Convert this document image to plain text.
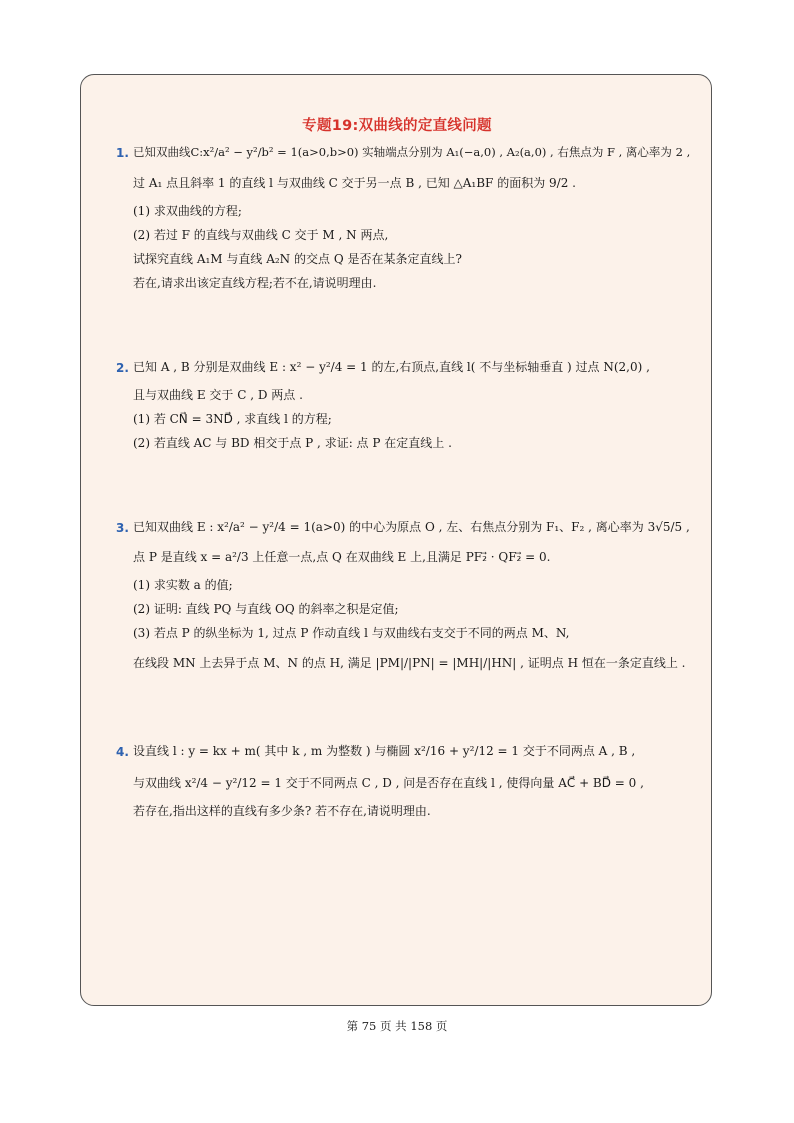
专题19:双曲线的定直线问题
1. 已知双曲线C:x²/a² − y²/b² = 1(a>0,b>0) 实轴端点分别为 A₁(−a,0) , A₂(a,0) , 右焦点为 F , 离心率为 2 ,
过 A₁ 点且斜率 1 的直线 l 与双曲线 C 交于另一点 B , 已知 △A₁BF 的面积为 9/2 .
(1) 求双曲线的方程;
(2) 若过 F 的直线与双曲线 C 交于 M , N 两点,
试探究直线 A₁M 与直线 A₂N 的交点 Q 是否在某条定直线上?
若在,请求出该定直线方程;若不在,请说明理由.
2. 已知 A , B 分别是双曲线 E : x² − y²/4 = 1 的左,右顶点,直线 l( 不与坐标轴垂直 ) 过点 N(2,0) ,
且与双曲线 E 交于 C , D 两点 .
(1) 若 CN⃗ = 3ND⃗ , 求直线 l 的方程;
(2) 若直线 AC 与 BD 相交于点 P , 求证: 点 P 在定直线上 .
3. 已知双曲线 E : x²/a² − y²/4 = 1(a>0) 的中心为原点 O , 左、右焦点分别为 F₁、F₂ , 离心率为 3√5/5 ,
点 P 是直线 x = a²/3 上任意一点,点 Q 在双曲线 E 上,且满足 PF₂⃗ · QF₂⃗ = 0.
(1) 求实数 a 的值;
(2) 证明: 直线 PQ 与直线 OQ 的斜率之积是定值;
(3) 若点 P 的纵坐标为 1, 过点 P 作动直线 l 与双曲线右支交于不同的两点 M、N,
在线段 MN 上去异于点 M、N 的点 H, 满足 |PM|/|PN| = |MH|/|HN| , 证明点 H 恒在一条定直线上 .
4. 设直线 l : y = kx + m( 其中 k , m 为整数 ) 与椭圆 x²/16 + y²/12 = 1 交于不同两点 A , B ,
与双曲线 x²/4 − y²/12 = 1 交于不同两点 C , D , 问是否存在直线 l , 使得向量 AC⃗ + BD⃗ = 0 ,
若存在,指出这样的直线有多少条? 若不存在,请说明理由.
第 75 页 共 158 页
